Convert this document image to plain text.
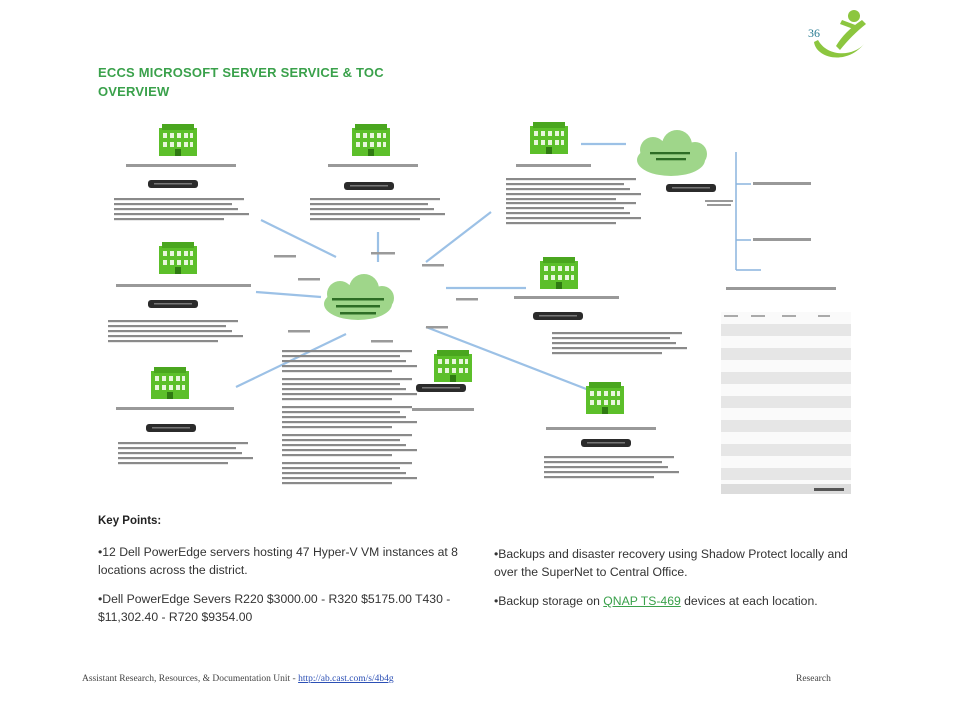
36
ECCS MICROSOFT SERVER SERVICE & TOC
OVERVIEW
Key Points:
•12 Dell PowerEdge servers hosting 47 Hyper-V VM instances at 8 locations across the district.
•Dell PowerEdge Severs R220 $3000.00 - R320 $5175.00 T430 - $11,302.40 - R720 $9354.00
•Backups and disaster recovery using Shadow Protect locally and over the SuperNet to Central Office.
•Backup storage on QNAP TS-469 devices at each location.
Assistant Research, Resources, & Documentation Unit - http://ab.cast.com/s/4b4g	Research
